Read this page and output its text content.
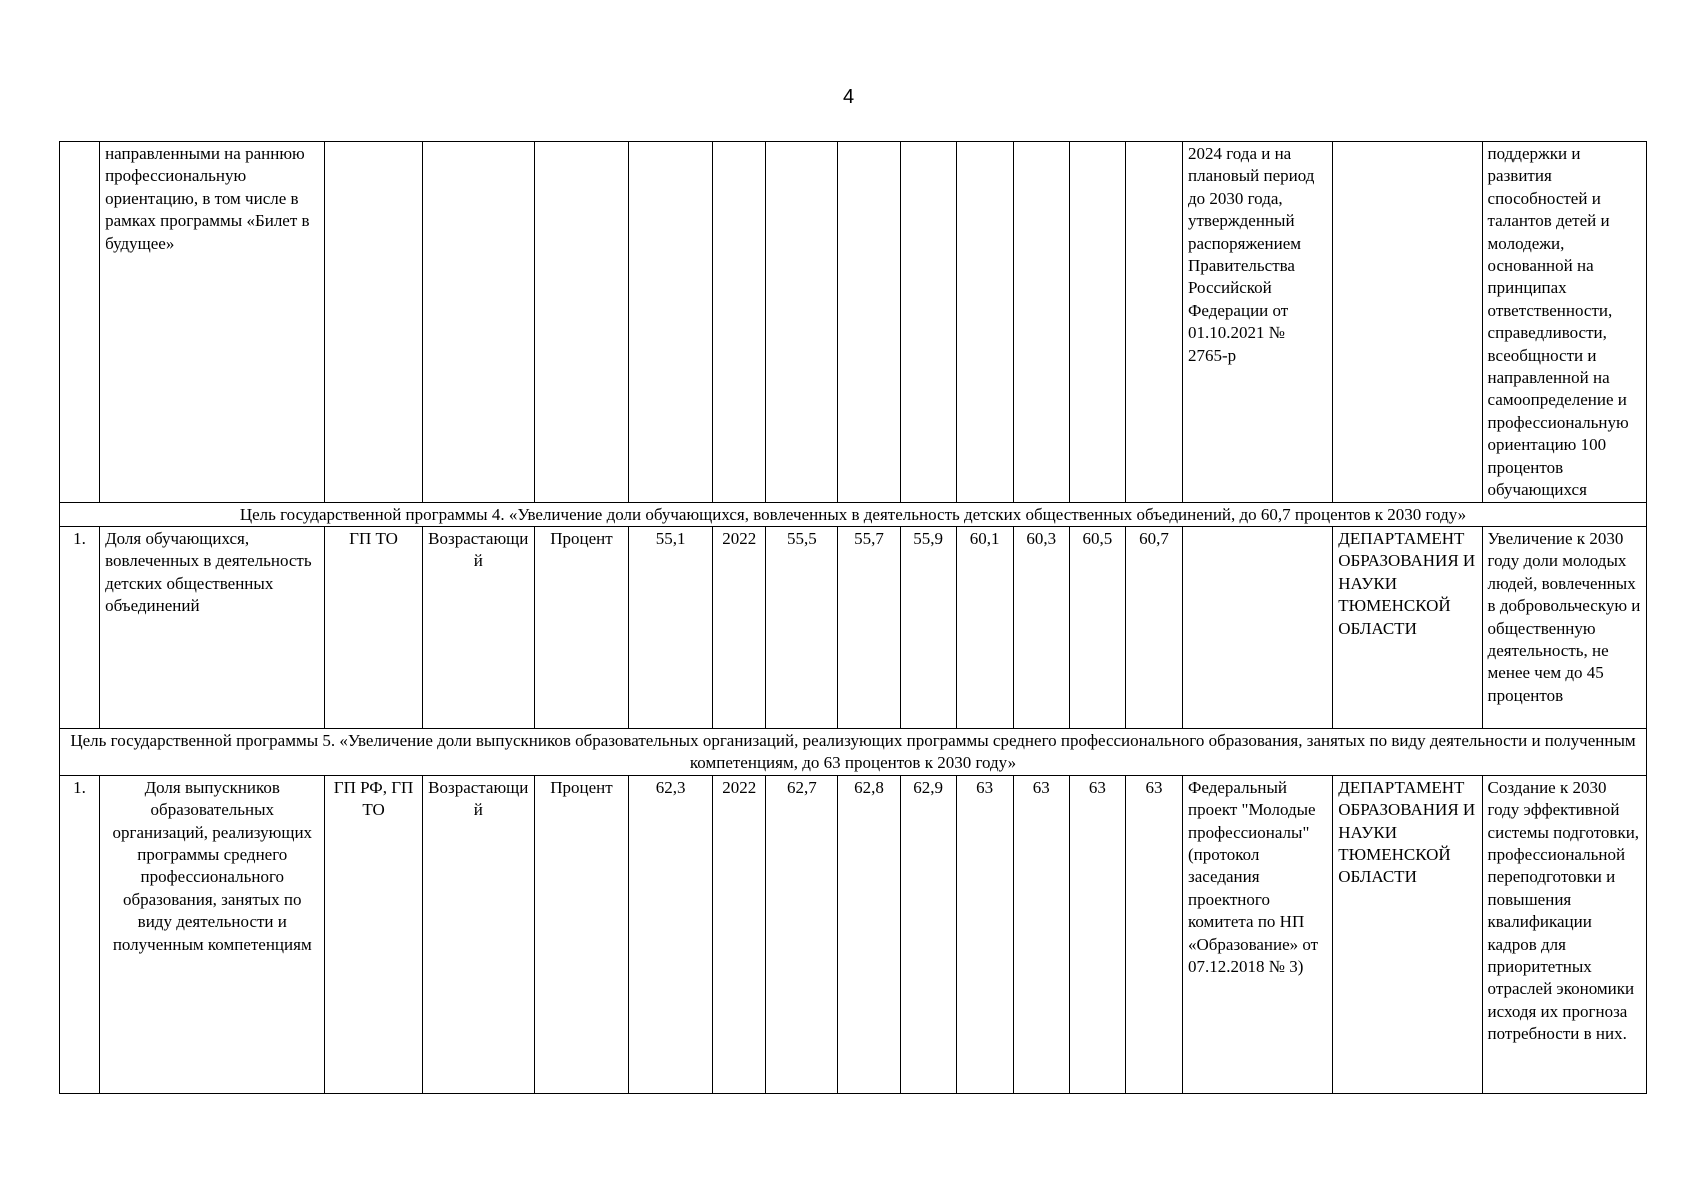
4
	направленными на раннюю профессиональную ориентацию, в том числе в рамках программы «Билет в будущее»													2024 года и на плановый период до 2030 года, утвержденный распоряжением Правительства Российской Федерации от 01.10.2021 № 2765-р		поддержки и развития способностей и талантов детей и молодежи, основанной на принципах ответственности, справедливости, всеобщности и направленной на самоопределение и профессиональную ориентацию 100 процентов обучающихся
Цель государственной программы 4. «Увеличение доли обучающихся, вовлеченных в деятельность детских общественных объединений, до 60,7 процентов к 2030 году»																
1.	Доля обучающихся, вовлеченных в деятельность детских общественных объединений	ГП ТО	Возрастающий	Процент	55,1	2022	55,5	55,7	55,9	60,1	60,3	60,5	60,7		ДЕПАРТАМЕНТ ОБРАЗОВАНИЯ И НАУКИ ТЮМЕНСКОЙ ОБЛАСТИ	Увеличение к 2030 году доли молодых людей, вовлеченных в добровольческую и общественную деятельность, не менее чем до 45 процентов
Цель государственной программы 5. «Увеличение доли выпускников образовательных организаций, реализующих программы среднего профессионального образования, занятых по виду деятельности и полученным компетенциям, до 63 процентов к 2030 году»																
1.	Доля выпускников образовательных организаций, реализующих программы среднего профессионального образования, занятых по виду деятельности и полученным компетенциям	ГП РФ, ГП ТО	Возрастающий	Процент	62,3	2022	62,7	62,8	62,9	63	63	63	63	Федеральный проект "Молодые профессионалы" (протокол заседания проектного комитета по НП «Образование» от 07.12.2018 № 3)	ДЕПАРТАМЕНТ ОБРАЗОВАНИЯ И НАУКИ ТЮМЕНСКОЙ ОБЛАСТИ	Создание к 2030 году эффективной системы подготовки, профессиональной переподготовки и повышения квалификации кадров для приоритетных отраслей экономики исходя их прогноза потребности в них.
